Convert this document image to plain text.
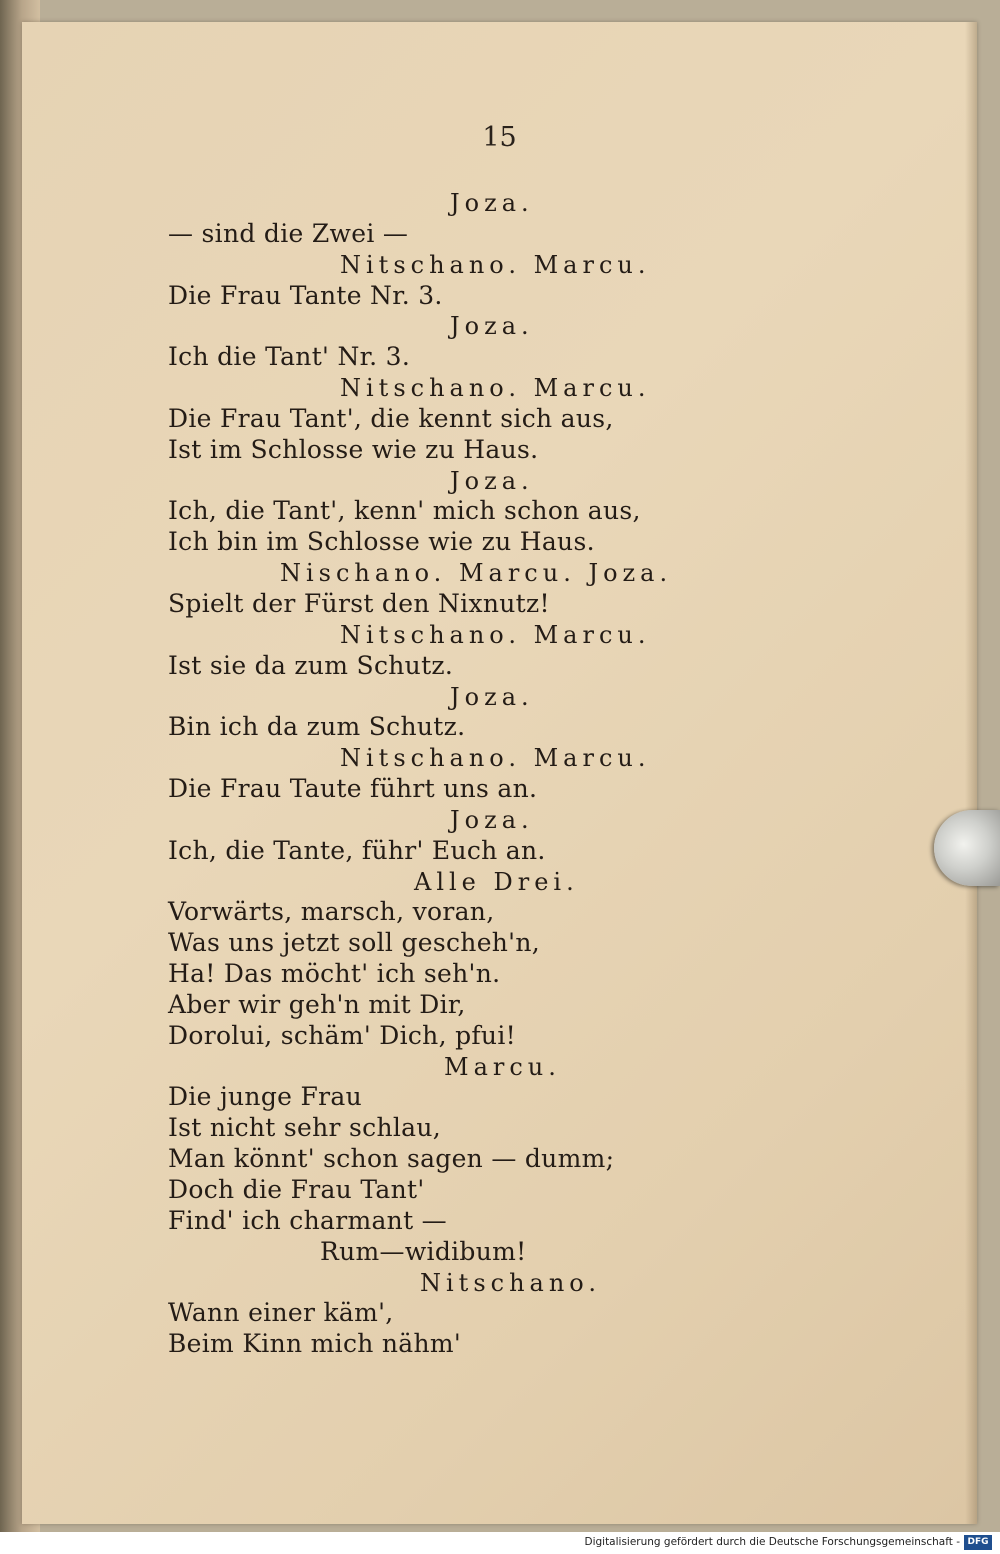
15
Joza.
— sind die Zwei —
Nitschano. Marcu.
Die Frau Tante Nr. 3.
Joza.
Ich die Tant' Nr. 3.
Nitschano. Marcu.
Die Frau Tant', die kennt sich aus,
Ist im Schlosse wie zu Haus.
Joza.
Ich, die Tant', kenn' mich schon aus,
Ich bin im Schlosse wie zu Haus.
Nischano. Marcu. Joza.
Spielt der Fürst den Nixnutz!
Nitschano. Marcu.
Ist sie da zum Schutz.
Joza.
Bin ich da zum Schutz.
Nitschano. Marcu.
Die Frau Taute führt uns an.
Joza.
Ich, die Tante, führ' Euch an.
Alle Drei.
Vorwärts, marsch, voran,
Was uns jetzt soll gescheh'n,
Ha! Das möcht' ich seh'n.
Aber wir geh'n mit Dir,
Dorolui, schäm' Dich, pfui!
Marcu.
Die junge Frau
Ist nicht sehr schlau,
Man könnt' schon sagen — dumm;
Doch die Frau Tant'
Find' ich charmant —
Rum—widibum!
Nitschano.
Wann einer käm',
Beim Kinn mich nähm'
Digitalisierung gefördert durch die Deutsche Forschungsgemeinschaft - DFG
